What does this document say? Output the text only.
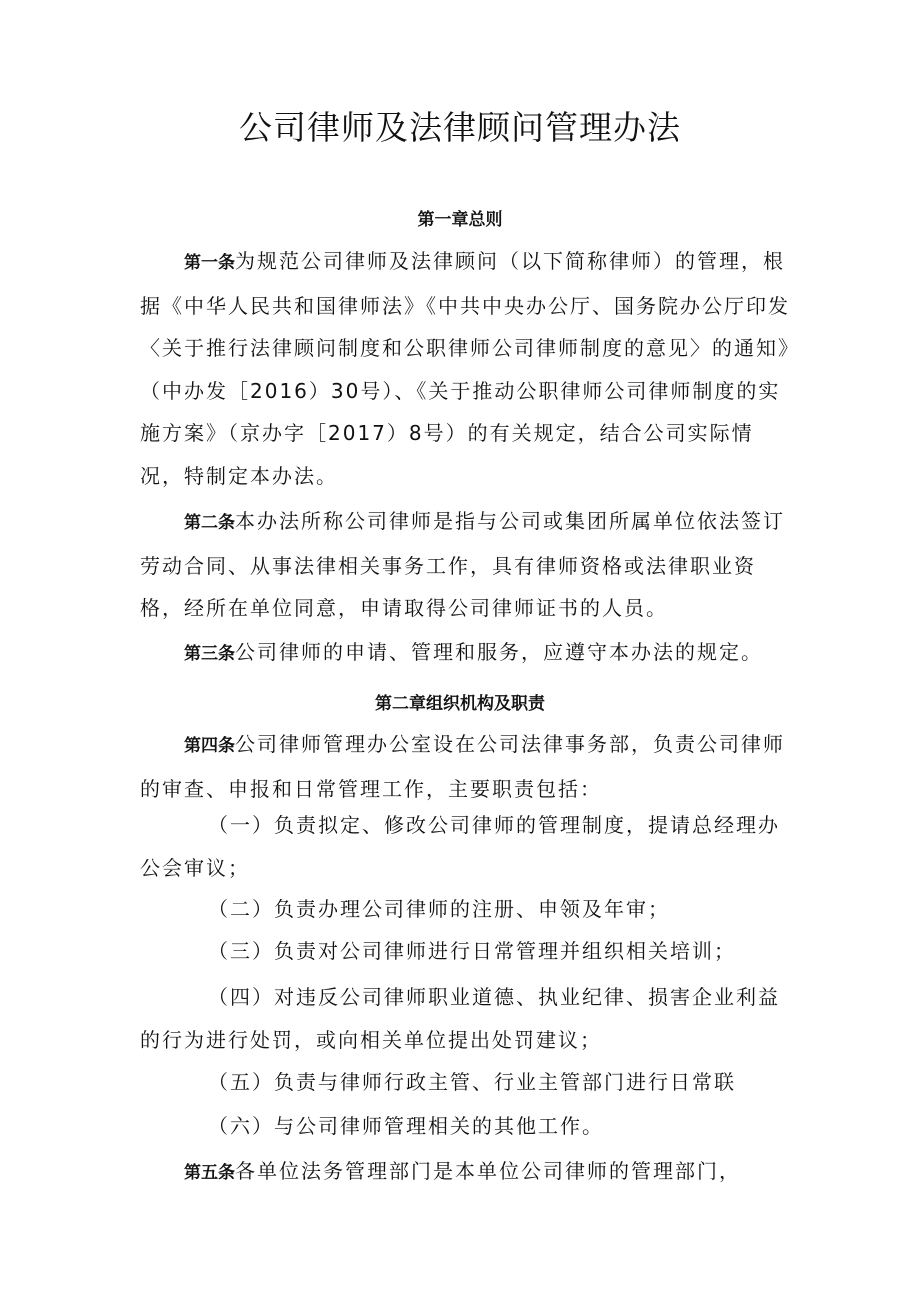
公司律师及法律顾问管理办法
第一章总则

第一条为规范公司律师及法律顾问（以下简称律师）的管理，根据《中华人民共和国律师法》《中共中央办公厅、国务院办公厅印发〈关于推行法律顾问制度和公职律师公司律师制度的意见〉的通知》（中办发［2016）30号）、《关于推动公职律师公司律师制度的实施方案》（京办字［2017）8号）的有关规定，结合公司实际情况，特制定本办法。

第二条本办法所称公司律师是指与公司或集团所属单位依法签订劳动合同、从事法律相关事务工作，具有律师资格或法律职业资格，经所在单位同意，申请取得公司律师证书的人员。

第三条公司律师的申请、管理和服务，应遵守本办法的规定。

第二章组织机构及职责

第四条公司律师管理办公室设在公司法律事务部，负责公司律师的审查、申报和日常管理工作，主要职责包括：

（一）负责拟定、修改公司律师的管理制度，提请总经理办公会审议；

（二）负责办理公司律师的注册、申领及年审；

（三）负责对公司律师进行日常管理并组织相关培训；

（四）对违反公司律师职业道德、执业纪律、损害企业利益的行为进行处罚，或向相关单位提出处罚建议；

（五）负责与律师行政主管、行业主管部门进行日常联

（六）与公司律师管理相关的其他工作。

第五条各单位法务管理部门是本单位公司律师的管理部门，
